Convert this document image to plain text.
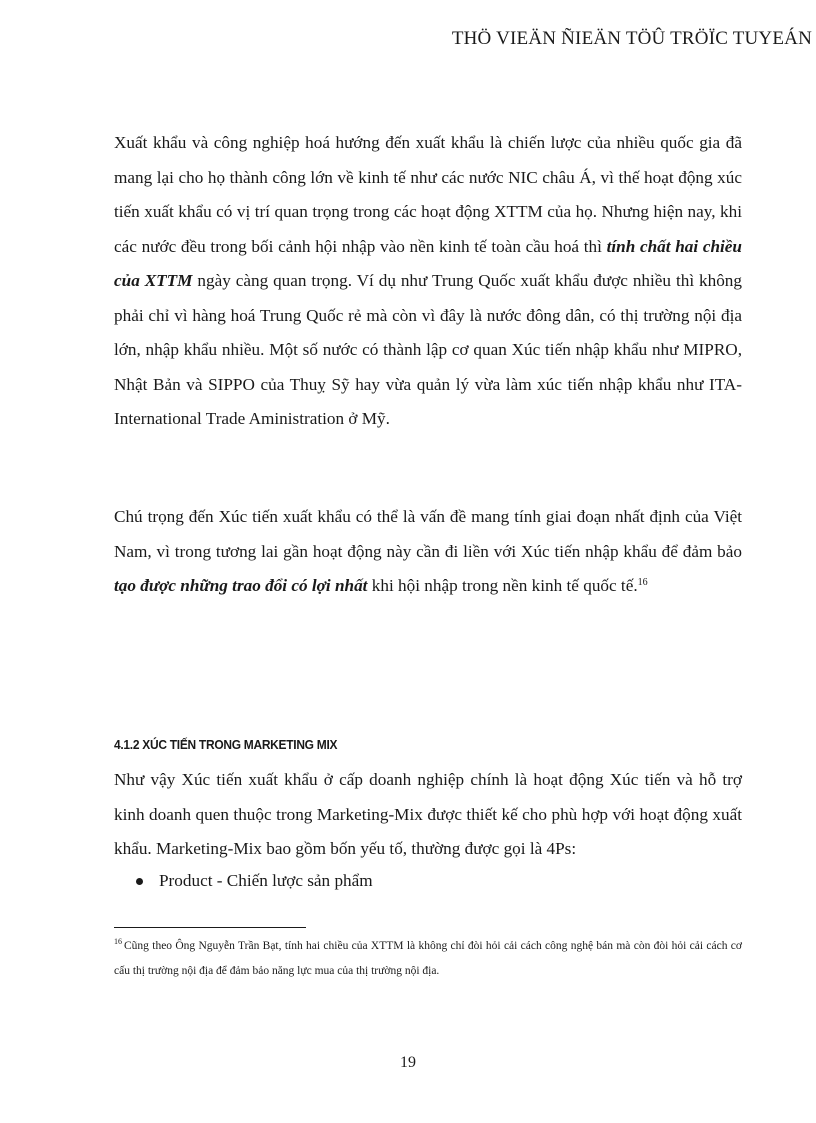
THÖ VIEÄN ÑIEÄN TÖÛ TRÖÏC TUYEÁN

Xuất khẩu và công nghiệp hoá hướng đến xuất khẩu là chiến lược của nhiều quốc gia đã mang lại cho họ thành công lớn về kinh tế như các nước NIC châu Á, vì thế hoạt động xúc tiến xuất khẩu có vị trí quan trọng trong các hoạt động XTTM của họ. Nhưng hiện nay, khi các nước đều trong bối cảnh hội nhập vào nền kinh tế toàn cầu hoá thì tính chất hai chiều của XTTM ngày càng quan trọng. Ví dụ như Trung Quốc xuất khẩu được nhiều thì không phải chỉ vì hàng hoá Trung Quốc rẻ mà còn vì đây là nước đông dân, có thị trường nội địa lớn, nhập khẩu nhiều. Một số nước có thành lập cơ quan Xúc tiến nhập khẩu như MIPRO, Nhật Bản và SIPPO của Thuỵ Sỹ hay vừa quản lý vừa làm xúc tiến nhập khẩu như ITA- International Trade Aministration ở Mỹ.

Chú trọng đến Xúc tiến xuất khẩu có thể là vấn đề mang tính giai đoạn nhất định của Việt Nam, vì trong tương lai gần hoạt động này cần đi liền với Xúc tiến nhập khẩu để đảm bảo tạo được những trao đổi có lợi nhất khi hội nhập trong nền kinh tế quốc tế.$^{16}$

4.1.2 XÚC TIẾN TRONG MARKETING MIX

Như vậy Xúc tiến xuất khẩu ở cấp doanh nghiệp chính là hoạt động Xúc tiến và hỗ trợ kinh doanh quen thuộc trong Marketing-Mix được thiết kế cho phù hợp với hoạt động xuất khẩu. Marketing-Mix bao gồm bốn yếu tố, thường được gọi là 4Ps:

Product - Chiến lược sản phẩm

$^{16}$ Cũng theo Ông Nguyễn Trần Bạt, tính hai chiều của XTTM là không chỉ đòi hỏi cải cách công nghệ bán mà còn đòi hỏi cải cách cơ cấu thị trường nội địa để đảm bảo năng lực mua của thị trường nội địa.

19
